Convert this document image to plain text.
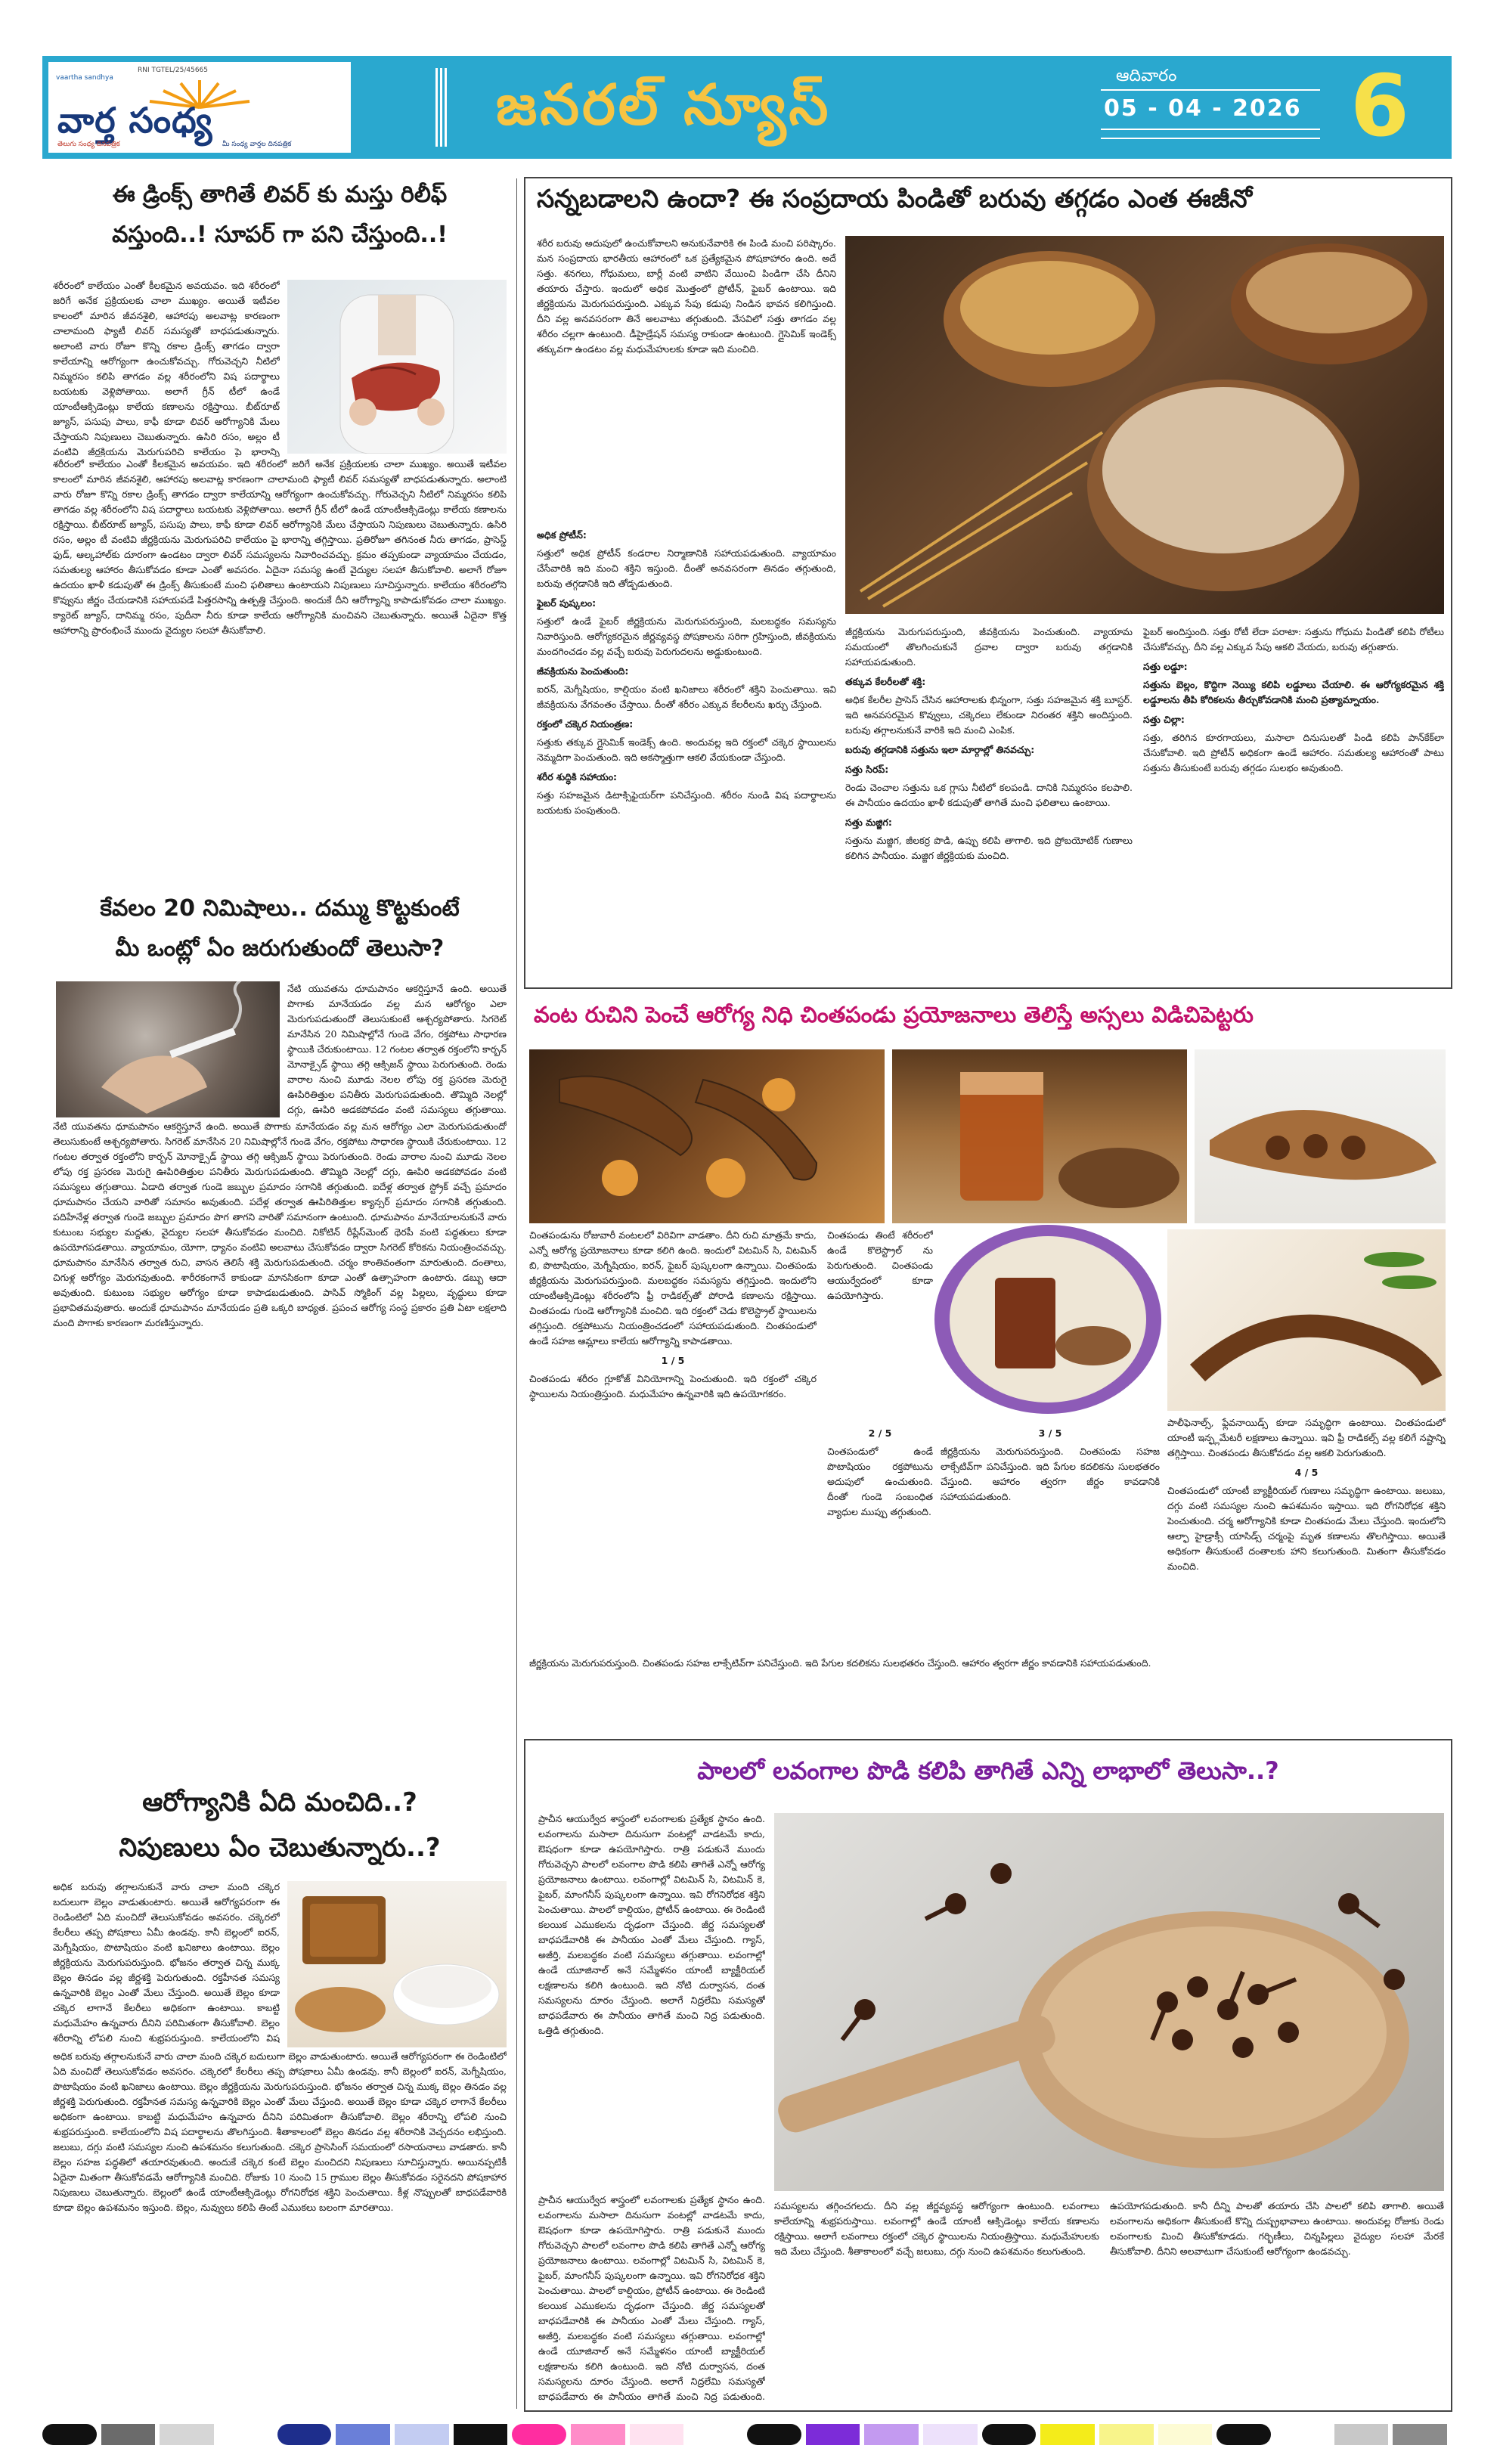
vaartha sandhya
RNI TGTEL/25/45665
వార్త సంధ్య
తెలుగు సంధ్య దినపత్రిక	మీ సంధ్య వార్తల దినపత్రిక
జనరల్ న్యూస్	ఆదివారం
05 - 04 - 2026 6
ఈ డ్రింక్స్ తాగితే లివర్ కు మస్తు రిలీఫ్
వస్తుంది..! సూపర్ గా పని చేస్తుంది..!
శరీరంలో కాలేయం ఎంతో కీలకమైన అవయవం. ఇది శరీరంలో జరిగే అనేక ప్రక్రియలకు చాలా ముఖ్యం. అయితే ఇటీవల కాలంలో మారిన జీవనశైలి, ఆహారపు అలవాట్ల కారణంగా చాలామంది ఫ్యాటీ లివర్ సమస్యతో బాధపడుతున్నారు. అలాంటి వారు రోజూ కొన్ని రకాల డ్రింక్స్ తాగడం ద్వారా కాలేయాన్ని ఆరోగ్యంగా ఉంచుకోవచ్చు. గోరువెచ్చని నీటిలో నిమ్మరసం కలిపి తాగడం వల్ల శరీరంలోని విష పదార్థాలు బయటకు వెళ్లిపోతాయి. అలాగే గ్రీన్ టీలో ఉండే యాంటీఆక్సిడెంట్లు కాలేయ కణాలను రక్షిస్తాయి. బీట్‌రూట్ జ్యూస్, పసుపు పాలు, కాఫీ కూడా లివర్ ఆరోగ్యానికి మేలు చేస్తాయని నిపుణులు చెబుతున్నారు. ఉసిరి రసం, అల్లం టీ వంటివి జీర్ణక్రియను మెరుగుపరిచి కాలేయం పై భారాన్ని
శరీరంలో కాలేయం ఎంతో కీలకమైన అవయవం. ఇది శరీరంలో జరిగే అనేక ప్రక్రియలకు చాలా ముఖ్యం. అయితే ఇటీవల కాలంలో మారిన జీవనశైలి, ఆహారపు అలవాట్ల కారణంగా చాలామంది ఫ్యాటీ లివర్ సమస్యతో బాధపడుతున్నారు. అలాంటి వారు రోజూ కొన్ని రకాల డ్రింక్స్ తాగడం ద్వారా కాలేయాన్ని ఆరోగ్యంగా ఉంచుకోవచ్చు. గోరువెచ్చని నీటిలో నిమ్మరసం కలిపి తాగడం వల్ల శరీరంలోని విష పదార్థాలు బయటకు వెళ్లిపోతాయి. అలాగే గ్రీన్ టీలో ఉండే యాంటీఆక్సిడెంట్లు కాలేయ కణాలను రక్షిస్తాయి. బీట్‌రూట్ జ్యూస్, పసుపు పాలు, కాఫీ కూడా లివర్ ఆరోగ్యానికి మేలు చేస్తాయని నిపుణులు చెబుతున్నారు. ఉసిరి రసం, అల్లం టీ వంటివి జీర్ణక్రియను మెరుగుపరిచి కాలేయం పై భారాన్ని తగ్గిస్తాయి. ప్రతిరోజూ తగినంత నీరు తాగడం, ప్రాసెస్డ్ ఫుడ్, ఆల్కహాల్‌కు దూరంగా ఉండటం ద్వారా లివర్ సమస్యలను నివారించవచ్చు. క్రమం తప్పకుండా వ్యాయామం చేయడం, సమతుల్య ఆహారం తీసుకోవడం కూడా ఎంతో అవసరం. ఏదైనా సమస్య ఉంటే వైద్యుల సలహా తీసుకోవాలి. అలాగే రోజూ ఉదయం ఖాళీ కడుపుతో ఈ డ్రింక్స్ తీసుకుంటే మంచి ఫలితాలు ఉంటాయని నిపుణులు సూచిస్తున్నారు. కాలేయం శరీరంలోని కొవ్వును జీర్ణం చేయడానికి సహాయపడే పిత్తరసాన్ని ఉత్పత్తి చేస్తుంది. అందుకే దీని ఆరోగ్యాన్ని కాపాడుకోవడం చాలా ముఖ్యం. క్యారెట్ జ్యూస్, దానిమ్మ రసం, పుదీనా నీరు కూడా కాలేయ ఆరోగ్యానికి మంచివని చెబుతున్నారు. అయితే ఏదైనా కొత్త ఆహారాన్ని ప్రారంభించే ముందు వైద్యుల సలహా తీసుకోవాలి.
కేవలం 20 నిమిషాలు.. దమ్ము కొట్టకుంటే
మీ ఒంట్లో ఏం జరుగుతుందో తెలుసా?
నేటి యువతను ధూమపానం ఆకర్షిస్తూనే ఉంది. అయితే పొగాకు మానేయడం వల్ల మన ఆరోగ్యం ఎలా మెరుగుపడుతుందో తెలుసుకుంటే ఆశ్చర్యపోతారు. సిగరెట్ మానేసిన 20 నిమిషాల్లోనే గుండె వేగం, రక్తపోటు సాధారణ స్థాయికి చేరుకుంటాయి. 12 గంటల తర్వాత రక్తంలోని కార్బన్ మోనాక్సైడ్ స్థాయి తగ్గి ఆక్సిజన్ స్థాయి పెరుగుతుంది. రెండు వారాల నుంచి మూడు నెలల లోపు రక్త ప్రసరణ మెరుగై ఊపిరితిత్తుల పనితీరు మెరుగుపడుతుంది. తొమ్మిది నెలల్లో దగ్గు, ఊపిరి ఆడకపోవడం వంటి సమస్యలు తగ్గుతాయి.
నేటి యువతను ధూమపానం ఆకర్షిస్తూనే ఉంది. అయితే పొగాకు మానేయడం వల్ల మన ఆరోగ్యం ఎలా మెరుగుపడుతుందో తెలుసుకుంటే ఆశ్చర్యపోతారు. సిగరెట్ మానేసిన 20 నిమిషాల్లోనే గుండె వేగం, రక్తపోటు సాధారణ స్థాయికి చేరుకుంటాయి. 12 గంటల తర్వాత రక్తంలోని కార్బన్ మోనాక్సైడ్ స్థాయి తగ్గి ఆక్సిజన్ స్థాయి పెరుగుతుంది. రెండు వారాల నుంచి మూడు నెలల లోపు రక్త ప్రసరణ మెరుగై ఊపిరితిత్తుల పనితీరు మెరుగుపడుతుంది. తొమ్మిది నెలల్లో దగ్గు, ఊపిరి ఆడకపోవడం వంటి సమస్యలు తగ్గుతాయి. ఏడాది తర్వాత గుండె జబ్బుల ప్రమాదం సగానికి తగ్గుతుంది. ఐదేళ్ల తర్వాత స్ట్రోక్ వచ్చే ప్రమాదం ధూమపానం చేయని వారితో సమానం అవుతుంది. పదేళ్ల తర్వాత ఊపిరితిత్తుల క్యాన్సర్ ప్రమాదం సగానికి తగ్గుతుంది. పదిహేనేళ్ల తర్వాత గుండె జబ్బుల ప్రమాదం పొగ తాగని వారితో సమానంగా ఉంటుంది. ధూమపానం మానేయాలనుకునే వారు కుటుంబ సభ్యుల మద్దతు, వైద్యుల సలహా తీసుకోవడం మంచిది. నికోటిన్ రీప్లేస్‌మెంట్ థెరపీ వంటి పద్ధతులు కూడా ఉపయోగపడతాయి. వ్యాయామం, యోగా, ధ్యానం వంటివి అలవాటు చేసుకోవడం ద్వారా సిగరెట్ కోరికను నియంత్రించవచ్చు. ధూమపానం మానేసిన తర్వాత రుచి, వాసన తెలిసే శక్తి మెరుగుపడుతుంది. చర్మం కాంతివంతంగా మారుతుంది. దంతాలు, చిగుళ్ల ఆరోగ్యం మెరుగవుతుంది. శారీరకంగానే కాకుండా మానసికంగా కూడా ఎంతో ఉత్సాహంగా ఉంటారు. డబ్బు ఆదా అవుతుంది. కుటుంబ సభ్యుల ఆరోగ్యం కూడా కాపాడబడుతుంది. పాసివ్ స్మోకింగ్ వల్ల పిల్లలు, వృద్ధులు కూడా ప్రభావితమవుతారు. అందుకే ధూమపానం మానేయడం ప్రతి ఒక్కరి బాధ్యత. ప్రపంచ ఆరోగ్య సంస్థ ప్రకారం ప్రతి ఏటా లక్షలాది మంది పొగాకు కారణంగా మరణిస్తున్నారు.
ఆరోగ్యానికి ఏది మంచిది..?
నిపుణులు ఏం చెబుతున్నారు..?
అధిక బరువు తగ్గాలనుకునే వారు చాలా మంది చక్కెర బదులుగా బెల్లం వాడుతుంటారు. అయితే ఆరోగ్యపరంగా ఈ రెండింటిలో ఏది మంచిదో తెలుసుకోవడం అవసరం. చక్కెరలో కేలరీలు తప్ప పోషకాలు ఏమీ ఉండవు. కానీ బెల్లంలో ఐరన్, మెగ్నీషియం, పొటాషియం వంటి ఖనిజాలు ఉంటాయి. బెల్లం జీర్ణక్రియను మెరుగుపరుస్తుంది. భోజనం తర్వాత చిన్న ముక్క బెల్లం తినడం వల్ల జీర్ణశక్తి పెరుగుతుంది. రక్తహీనత సమస్య ఉన్నవారికి బెల్లం ఎంతో మేలు చేస్తుంది. అయితే బెల్లం కూడా చక్కెర లాగానే కేలరీలు అధికంగా ఉంటాయి. కాబట్టి మధుమేహం ఉన్నవారు దీనిని పరిమితంగా తీసుకోవాలి. బెల్లం శరీరాన్ని లోపలి నుంచి శుభ్రపరుస్తుంది. కాలేయంలోని విష
అధిక బరువు తగ్గాలనుకునే వారు చాలా మంది చక్కెర బదులుగా బెల్లం వాడుతుంటారు. అయితే ఆరోగ్యపరంగా ఈ రెండింటిలో ఏది మంచిదో తెలుసుకోవడం అవసరం. చక్కెరలో కేలరీలు తప్ప పోషకాలు ఏమీ ఉండవు. కానీ బెల్లంలో ఐరన్, మెగ్నీషియం, పొటాషియం వంటి ఖనిజాలు ఉంటాయి. బెల్లం జీర్ణక్రియను మెరుగుపరుస్తుంది. భోజనం తర్వాత చిన్న ముక్క బెల్లం తినడం వల్ల జీర్ణశక్తి పెరుగుతుంది. రక్తహీనత సమస్య ఉన్నవారికి బెల్లం ఎంతో మేలు చేస్తుంది. అయితే బెల్లం కూడా చక్కెర లాగానే కేలరీలు అధికంగా ఉంటాయి. కాబట్టి మధుమేహం ఉన్నవారు దీనిని పరిమితంగా తీసుకోవాలి. బెల్లం శరీరాన్ని లోపలి నుంచి శుభ్రపరుస్తుంది. కాలేయంలోని విష పదార్థాలను తొలగిస్తుంది. శీతాకాలంలో బెల్లం తినడం వల్ల శరీరానికి వెచ్చదనం లభిస్తుంది. జలుబు, దగ్గు వంటి సమస్యల నుంచి ఉపశమనం కలుగుతుంది. చక్కెర ప్రాసెసింగ్ సమయంలో రసాయనాలు వాడతారు. కానీ బెల్లం సహజ పద్ధతిలో తయారవుతుంది. అందుకే చక్కెర కంటే బెల్లం మంచిదని నిపుణులు సూచిస్తున్నారు. అయినప్పటికీ ఏదైనా మితంగా తీసుకోవడమే ఆరోగ్యానికి మంచిది. రోజుకు 10 నుంచి 15 గ్రాముల బెల్లం తీసుకోవడం సరైనదని పోషకాహార నిపుణులు చెబుతున్నారు. బెల్లంలో ఉండే యాంటీఆక్సిడెంట్లు రోగనిరోధక శక్తిని పెంచుతాయి. కీళ్ల నొప్పులతో బాధపడేవారికి కూడా బెల్లం ఉపశమనం ఇస్తుంది. బెల్లం, నువ్వులు కలిపి తింటే ఎముకలు బలంగా మారతాయి.
సన్నబడాలని ఉందా? ఈ సంప్రదాయ పిండితో బరువు తగ్గడం ఎంత ఈజీనో
శరీర బరువు అదుపులో ఉంచుకోవాలని అనుకునేవారికి ఈ పిండి మంచి పరిష్కారం. మన సంప్రదాయ భారతీయ ఆహారంలో ఒక ప్రత్యేకమైన పోషకాహారం ఉంది. అదే సత్తు. శనగలు, గోధుమలు, బార్లీ వంటి వాటిని వేయించి పిండిగా చేసి దీనిని తయారు చేస్తారు. ఇందులో అధిక మొత్తంలో ప్రోటీన్, ఫైబర్ ఉంటాయి. ఇది జీర్ణక్రియను మెరుగుపరుస్తుంది. ఎక్కువ సేపు కడుపు నిండిన భావన కలిగిస్తుంది. దీని వల్ల అనవసరంగా తినే అలవాటు తగ్గుతుంది. వేసవిలో సత్తు తాగడం వల్ల శరీరం చల్లగా ఉంటుంది. డీహైడ్రేషన్ సమస్య రాకుండా ఉంటుంది. గ్లైసెమిక్ ఇండెక్స్ తక్కువగా ఉండటం వల్ల మధుమేహులకు కూడా ఇది మంచిది.
అధిక ప్రోటీన్:
సత్తులో అధిక ప్రోటీన్ కండరాల నిర్మాణానికి సహాయపడుతుంది. వ్యాయామం చేసేవారికి ఇది మంచి శక్తిని ఇస్తుంది. దీంతో అనవసరంగా తినడం తగ్గుతుంది, బరువు తగ్గడానికి ఇది తోడ్పడుతుంది.
ఫైబర్ పుష్కలం:
సత్తులో ఉండే ఫైబర్ జీర్ణక్రియను మెరుగుపరుస్తుంది, మలబద్ధకం సమస్యను నివారిస్తుంది. ఆరోగ్యకరమైన జీర్ణవ్యవస్థ పోషకాలను సరిగా గ్రహిస్తుంది, జీవక్రియను మందగించడం వల్ల వచ్చే బరువు పెరుగుదలను అడ్డుకుంటుంది.
జీవక్రియను పెంచుతుంది:
ఐరన్, మెగ్నీషియం, కాల్షియం వంటి ఖనిజాలు శరీరంలో శక్తిని పెంచుతాయి. ఇవి జీవక్రియను వేగవంతం చేస్తాయి. దీంతో శరీరం ఎక్కువ కేలరీలను ఖర్చు చేస్తుంది.
రక్తంలో చక్కెర నియంత్రణ:
సత్తుకు తక్కువ గ్లైసెమిక్ ఇండెక్స్ ఉంది. అందువల్ల ఇది రక్తంలో చక్కెర స్థాయిలను నెమ్మదిగా పెంచుతుంది. ఇది అకస్మాత్తుగా ఆకలి వేయకుండా చేస్తుంది.
శరీర శుద్ధికి సహాయం:
సత్తు సహజమైన డిటాక్సిఫైయర్‌గా పనిచేస్తుంది. శరీరం నుండి విష పదార్థాలను బయటకు పంపుతుంది.
జీర్ణక్రియను మెరుగుపరుస్తుంది, జీవక్రియను పెంచుతుంది. వ్యాయామ సమయంలో తొలగించుకునే ద్రవాల ద్వారా బరువు తగ్గడానికి సహాయపడుతుంది.
తక్కువ కేలరీలతో శక్తి:
అధిక కేలరీల ప్రాసెస్ చేసిన ఆహారాలకు భిన్నంగా, సత్తు సహజమైన శక్తి బూస్టర్. ఇది అనవసరమైన కొవ్వులు, చక్కెరలు లేకుండా నిరంతర శక్తిని అందిస్తుంది. బరువు తగ్గాలనుకునే వారికి ఇది మంచి ఎంపిక.
బరువు తగ్గడానికి సత్తును ఇలా మార్గాల్లో తినవచ్చు:
సత్తు సిరప్:
రెండు చెంచాల సత్తును ఒక గ్లాసు నీటిలో కలపండి. దానికి నిమ్మరసం కలపాలి. ఈ పానీయం ఉదయం ఖాళీ కడుపుతో తాగితే మంచి ఫలితాలు ఉంటాయి.
సత్తు మజ్జిగ:
సత్తును మజ్జిగ, జీలకర్ర పొడి, ఉప్పు కలిపి తాగాలి. ఇది ప్రోబయోటిక్ గుణాలు కలిగిన పానీయం. మజ్జిగ జీర్ణక్రియకు మంచిది.
ఫైబర్ అందిస్తుంది. సత్తు రోటీ లేదా పరాటా: సత్తును గోధుమ పిండితో కలిపి రోటీలు చేసుకోవచ్చు. దీని వల్ల ఎక్కువ సేపు ఆకలి వేయదు, బరువు తగ్గుతారు.
సత్తు లడ్డూ:
సత్తును బెల్లం, కొద్దిగా నెయ్యి కలిపి లడ్డూలు చేయాలి. ఈ ఆరోగ్యకరమైన శక్తి లడ్డూలను తీపి కోరికలను తీర్చుకోవడానికి మంచి ప్రత్యామ్నాయం.
సత్తు చిల్లా:
సత్తు, తరిగిన కూరగాయలు, మసాలా దినుసులతో పిండి కలిపి పాన్‌కేక్‌లా చేసుకోవాలి. ఇది ప్రోటీన్ అధికంగా ఉండే ఆహారం. సమతుల్య ఆహారంతో పాటు సత్తును తీసుకుంటే బరువు తగ్గడం సులభం అవుతుంది.
వంట రుచిని పెంచే ఆరోగ్య నిధి చింతపండు ప్రయోజనాలు తెలిస్తే అస్సలు విడిచిపెట్టరు
చింతపండును రోజువారీ వంటలలో విరివిగా వాడతాం. దీని రుచి మాత్రమే కాదు, ఎన్నో ఆరోగ్య ప్రయోజనాలు కూడా కలిగి ఉంది. ఇందులో విటమిన్ సి, విటమిన్ బి, పొటాషియం, మెగ్నీషియం, ఐరన్, ఫైబర్ పుష్కలంగా ఉన్నాయి. చింతపండు జీర్ణక్రియను మెరుగుపరుస్తుంది. మలబద్ధకం సమస్యను తగ్గిస్తుంది. ఇందులోని యాంటీఆక్సిడెంట్లు శరీరంలోని ఫ్రీ రాడికల్స్‌తో పోరాడి కణాలను రక్షిస్తాయి. చింతపండు గుండె ఆరోగ్యానికి మంచిది. ఇది రక్తంలో చెడు కొలెస్ట్రాల్ స్థాయిలను తగ్గిస్తుంది. రక్తపోటును నియంత్రించడంలో సహాయపడుతుంది. చింతపండులో ఉండే సహజ ఆమ్లాలు కాలేయ ఆరోగ్యాన్ని కాపాడతాయి.
1 / 5
చింతపండు శరీరం గ్లూకోజ్ వినియోగాన్ని పెంచుతుంది. ఇది రక్తంలో చక్కెర స్థాయిలను నియంత్రిస్తుంది. మధుమేహం ఉన్నవారికి ఇది ఉపయోగకరం.
చింతపండు తింటే శరీరంలో ఉండే కొలెస్ట్రాల్ ను పెరుగుతుంది. చింతపండు ఆయుర్వేదంలో కూడా ఉపయోగిస్తారు.
2 / 5
చింతపండులో ఉండే పొటాషియం రక్తపోటును అదుపులో ఉంచుతుంది. దీంతో గుండె సంబంధిత వ్యాధుల ముప్పు తగ్గుతుంది.
3 / 5
జీర్ణక్రియను మెరుగుపరుస్తుంది. చింతపండు సహజ లాక్సేటివ్‌గా పనిచేస్తుంది. ఇది పేగుల కదలికను సులభతరం చేస్తుంది. ఆహారం త్వరగా జీర్ణం కావడానికి సహాయపడుతుంది.
పాలీఫెనాల్స్, ఫ్లేవనాయిడ్స్ కూడా సమృద్ధిగా ఉంటాయి. చింతపండులో యాంటీ ఇన్ఫ్లమేటరీ లక్షణాలు ఉన్నాయి. ఇవి ఫ్రీ రాడికల్స్ వల్ల కలిగే నష్టాన్ని తగ్గిస్తాయి. చింతపండు తీసుకోవడం వల్ల ఆకలి పెరుగుతుంది.
4 / 5
చింతపండులో యాంటీ బ్యాక్టీరియల్ గుణాలు సమృద్ధిగా ఉంటాయి. జలుబు, దగ్గు వంటి సమస్యల నుంచి ఉపశమనం ఇస్తాయి. ఇది రోగనిరోధక శక్తిని పెంచుతుంది. చర్మ ఆరోగ్యానికి కూడా చింతపండు మేలు చేస్తుంది. ఇందులోని ఆల్ఫా హైడ్రాక్సీ యాసిడ్స్ చర్మంపై మృత కణాలను తొలగిస్తాయి. అయితే అధికంగా తీసుకుంటే దంతాలకు హాని కలుగుతుంది. మితంగా తీసుకోవడం మంచిది.
జీర్ణక్రియను మెరుగుపరుస్తుంది. చింతపండు సహజ లాక్సేటివ్‌గా పనిచేస్తుంది. ఇది పేగుల కదలికను సులభతరం చేస్తుంది. ఆహారం త్వరగా జీర్ణం కావడానికి సహాయపడుతుంది.
పాలలో లవంగాల పొడి కలిపి తాగితే ఎన్ని లాభాలో తెలుసా..?
ప్రాచీన ఆయుర్వేద శాస్త్రంలో లవంగాలకు ప్రత్యేక స్థానం ఉంది. లవంగాలను మసాలా దినుసుగా వంటల్లో వాడటమే కాదు, ఔషధంగా కూడా ఉపయోగిస్తారు. రాత్రి పడుకునే ముందు గోరువెచ్చని పాలలో లవంగాల పొడి కలిపి తాగితే ఎన్నో ఆరోగ్య ప్రయోజనాలు ఉంటాయి. లవంగాల్లో విటమిన్ సి, విటమిన్ కె, ఫైబర్, మాంగనీస్ పుష్కలంగా ఉన్నాయి. ఇవి రోగనిరోధక శక్తిని పెంచుతాయి. పాలలో కాల్షియం, ప్రోటీన్ ఉంటాయి. ఈ రెండింటి కలయిక ఎముకలను దృఢంగా చేస్తుంది. జీర్ణ సమస్యలతో బాధపడేవారికి ఈ పానీయం ఎంతో మేలు చేస్తుంది. గ్యాస్, అజీర్తి, మలబద్ధకం వంటి సమస్యలు తగ్గుతాయి. లవంగాల్లో ఉండే యూజినాల్ అనే సమ్మేళనం యాంటీ బ్యాక్టీరియల్ లక్షణాలను కలిగి ఉంటుంది. ఇది నోటి దుర్వాసన, దంత సమస్యలను దూరం చేస్తుంది. అలాగే నిద్రలేమి సమస్యతో బాధపడేవారు ఈ పానీయం తాగితే మంచి నిద్ర పడుతుంది. ఒత్తిడి తగ్గుతుంది.
ప్రాచీన ఆయుర్వేద శాస్త్రంలో లవంగాలకు ప్రత్యేక స్థానం ఉంది. లవంగాలను మసాలా దినుసుగా వంటల్లో వాడటమే కాదు, ఔషధంగా కూడా ఉపయోగిస్తారు. రాత్రి పడుకునే ముందు గోరువెచ్చని పాలలో లవంగాల పొడి కలిపి తాగితే ఎన్నో ఆరోగ్య ప్రయోజనాలు ఉంటాయి. లవంగాల్లో విటమిన్ సి, విటమిన్ కె, ఫైబర్, మాంగనీస్ పుష్కలంగా ఉన్నాయి. ఇవి రోగనిరోధక శక్తిని పెంచుతాయి. పాలలో కాల్షియం, ప్రోటీన్ ఉంటాయి. ఈ రెండింటి కలయిక ఎముకలను దృఢంగా చేస్తుంది. జీర్ణ సమస్యలతో బాధపడేవారికి ఈ పానీయం ఎంతో మేలు చేస్తుంది. గ్యాస్, అజీర్తి, మలబద్ధకం వంటి సమస్యలు తగ్గుతాయి. లవంగాల్లో ఉండే యూజినాల్ అనే సమ్మేళనం యాంటీ బ్యాక్టీరియల్ లక్షణాలను కలిగి ఉంటుంది. ఇది నోటి దుర్వాసన, దంత సమస్యలను దూరం చేస్తుంది. అలాగే నిద్రలేమి సమస్యతో బాధపడేవారు ఈ పానీయం తాగితే మంచి నిద్ర పడుతుంది.
సమస్యలను తగ్గించగలదు. దీని వల్ల జీర్ణవ్యవస్థ ఆరోగ్యంగా ఉంటుంది. లవంగాలు కాలేయాన్ని శుభ్రపరుస్తాయి. లవంగాల్లో ఉండే యాంటీ ఆక్సిడెంట్లు కాలేయ కణాలను రక్షిస్తాయి. అలాగే లవంగాలు రక్తంలో చక్కెర స్థాయిలను నియంత్రిస్తాయి. మధుమేహులకు ఇది మేలు చేస్తుంది. శీతాకాలంలో వచ్చే జలుబు, దగ్గు నుంచి ఉపశమనం కలుగుతుంది.
ఉపయోగపడుతుంది. కానీ దీన్ని పాలతో తయారు చేసి పాలలో కలిపి తాగాలి. అయితే లవంగాలను అధికంగా తీసుకుంటే కొన్ని దుష్ప్రభావాలు ఉంటాయి. అందువల్ల రోజుకు రెండు లవంగాలకు మించి తీసుకోకూడదు. గర్భిణీలు, చిన్నపిల్లలు వైద్యుల సలహా మేరకే తీసుకోవాలి. దీనిని అలవాటుగా చేసుకుంటే ఆరోగ్యంగా ఉండవచ్చు.
